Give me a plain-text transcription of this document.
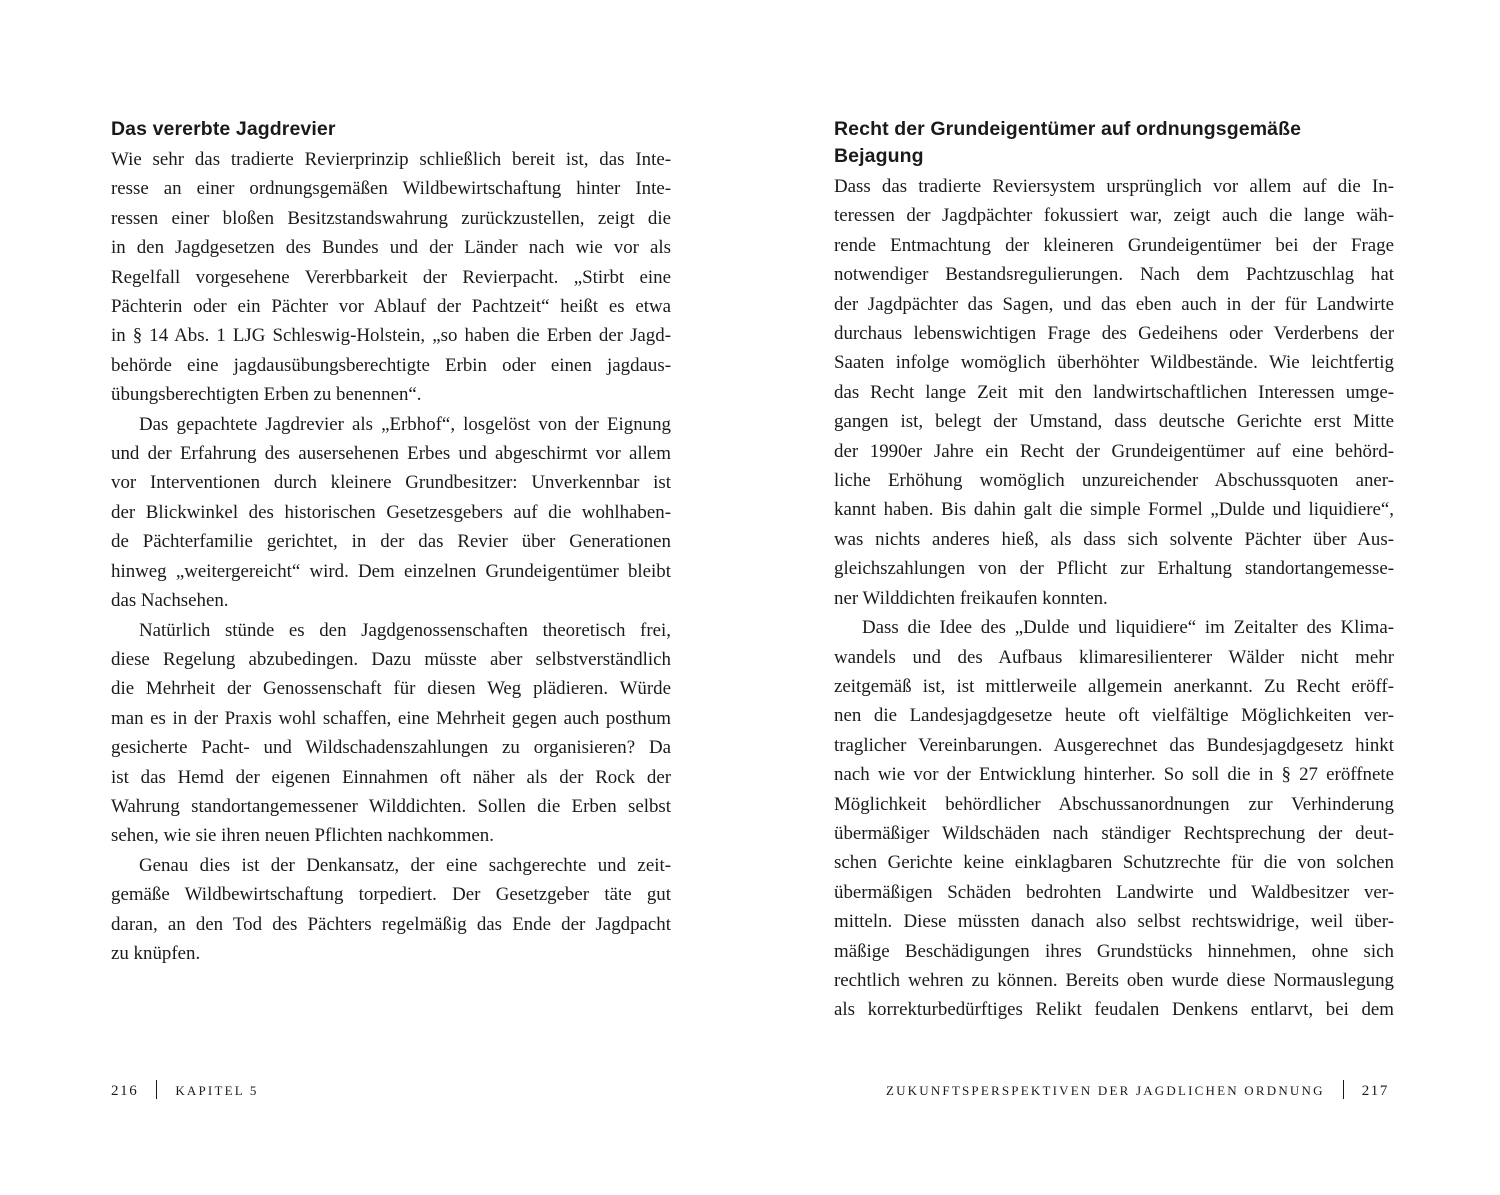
Das vererbte Jagdrevier
Wie sehr das tradierte Revierprinzip schließlich bereit ist, das Inte-
resse an einer ordnungsgemäßen Wildbewirtschaftung hinter Inte-
ressen einer bloßen Besitzstandswahrung zurückzustellen, zeigt die
in den Jagdgesetzen des Bundes und der Länder nach wie vor als
Regelfall vorgesehene Vererbbarkeit der Revierpacht. „Stirbt eine
Pächterin oder ein Pächter vor Ablauf der Pachtzeit“ heißt es etwa
in § 14 Abs. 1 LJG Schleswig-Holstein, „so haben die Erben der Jagd-
behörde eine jagdausübungsberechtigte Erbin oder einen jagdaus-
übungsberechtigten Erben zu benennen“.
Das gepachtete Jagdrevier als „Erbhof“, losgelöst von der Eignung
und der Erfahrung des ausersehenen Erbes und abgeschirmt vor allem
vor Interventionen durch kleinere Grundbesitzer: Unverkennbar ist
der Blickwinkel des historischen Gesetzesgebers auf die wohlhaben-
de Pächterfamilie gerichtet, in der das Revier über Generationen
hinweg „weitergereicht“ wird. Dem einzelnen Grundeigentümer bleibt
das Nachsehen.
Natürlich stünde es den Jagdgenossenschaften theoretisch frei,
diese Regelung abzubedingen. Dazu müsste aber selbstverständlich
die Mehrheit der Genossenschaft für diesen Weg plädieren. Würde
man es in der Praxis wohl schaffen, eine Mehrheit gegen auch posthum
gesicherte Pacht- und Wildschadenszahlungen zu organisieren? Da
ist das Hemd der eigenen Einnahmen oft näher als der Rock der
Wahrung standortangemessener Wilddichten. Sollen die Erben selbst
sehen, wie sie ihren neuen Pflichten nachkommen.
Genau dies ist der Denkansatz, der eine sachgerechte und zeit-
gemäße Wildbewirtschaftung torpediert. Der Gesetzgeber täte gut
daran, an den Tod des Pächters regelmäßig das Ende der Jagdpacht
zu knüpfen.
216	KAPITEL 5
Recht der Grundeigentümer auf ordnungsgemäße
Bejagung
Dass das tradierte Reviersystem ursprünglich vor allem auf die In-
teressen der Jagdpächter fokussiert war, zeigt auch die lange wäh-
rende Entmachtung der kleineren Grundeigentümer bei der Frage
notwendiger Bestandsregulierungen. Nach dem Pachtzuschlag hat
der Jagdpächter das Sagen, und das eben auch in der für Landwirte
durchaus lebenswichtigen Frage des Gedeihens oder Verderbens der
Saaten infolge womöglich überhöhter Wildbestände. Wie leichtfertig
das Recht lange Zeit mit den landwirtschaftlichen Interessen umge-
gangen ist, belegt der Umstand, dass deutsche Gerichte erst Mitte
der 1990er Jahre ein Recht der Grundeigentümer auf eine behörd-
liche Erhöhung womöglich unzureichender Abschussquoten aner-
kannt haben. Bis dahin galt die simple Formel „Dulde und liquidiere“,
was nichts anderes hieß, als dass sich solvente Pächter über Aus-
gleichszahlungen von der Pflicht zur Erhaltung standortangemesse-
ner Wilddichten freikaufen konnten.
Dass die Idee des „Dulde und liquidiere“ im Zeitalter des Klima-
wandels und des Aufbaus klimaresilienterer Wälder nicht mehr
zeitgemäß ist, ist mittlerweile allgemein anerkannt. Zu Recht eröff-
nen die Landesjagdgesetze heute oft vielfältige Möglichkeiten ver-
traglicher Vereinbarungen. Ausgerechnet das Bundesjagdgesetz hinkt
nach wie vor der Entwicklung hinterher. So soll die in § 27 eröffnete
Möglichkeit behördlicher Abschussanordnungen zur Verhinderung
übermäßiger Wildschäden nach ständiger Rechtsprechung der deut-
schen Gerichte keine einklagbaren Schutzrechte für die von solchen
übermäßigen Schäden bedrohten Landwirte und Waldbesitzer ver-
mitteln. Diese müssten danach also selbst rechtswidrige, weil über-
mäßige Beschädigungen ihres Grundstücks hinnehmen, ohne sich
rechtlich wehren zu können. Bereits oben wurde diese Normauslegung
als korrekturbedürftiges Relikt feudalen Denkens entlarvt, bei dem
ZUKUNFTSPERSPEKTIVEN DER JAGDLICHEN ORDNUNG 217
